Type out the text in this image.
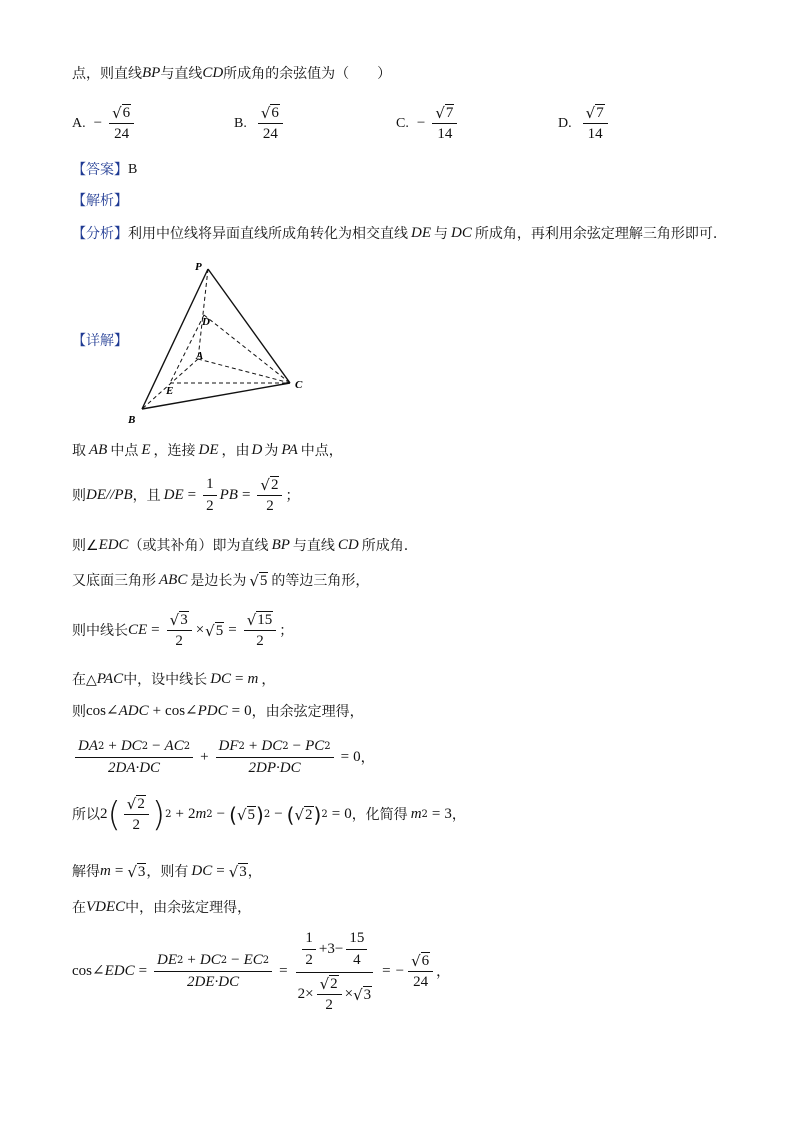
点，则直线 BP 与直线 CD 所成角的余弦值为（　　）
A. − $\frac{√ 6}{24}$	B. $\frac{√ 6}{24}$	C. − $\frac{√ 7}{14}$	D. $\frac{√ 7}{14}$
【答案】 B
【解析】
【分析】 利用中位线将异面直线所成角转化为相交直线 DE 与 DC 所成角，再利用余弦定理解三角形即可.
【详解】
P
D
A
E	C
B
取 AB 中点 E ，连接 DE ，由 D 为 PA 中点，
则 DE//PB ，且 DE = $\frac{1}{2}$ PB = $\frac{√ 2}{2}$ ；
则∠ EDC （或其补角）即为直线 BP 与直线 CD 所成角.
又底面三角形 ABC 是边长为 √ 5 的等边三角形，
则中线长 CE = $\frac{√ 3}{2}$ × √ $5 = \frac{√ 15}{2}$ ；
在△ PAC 中，设中线长 DC = m ，
则 cos∠ ADC + cos∠ PDC = 0 ，由余弦定理得，
$\frac{DA 2 + DC 2 - AC 2}{2DA\cdot DC} + \frac{DF 2 + DC 2 - PC 2}{2DP\cdot DC} = 0$ ，
所以 2 ( $\frac{√ 2}{2}$ ) 2 + 2 m 2 − ( √ 5 ) 2 − ( √ 2 ) 2 = 0 ，化简得 m 2 = 3 ，
解得 m = √ 3 ，则有 DC = √ 3 ，
在 VDEC 中，由余弦定理得，
cos∠ EDC = $\frac{DE 2 + DC 2 - EC 2}{2DE\cdot DC} = \frac{\frac{1}{2} +3- \frac{15}{4}}{2\times \frac{√ 2}{2} \times √ 3}$ = − $\frac{√ 6}{24}$ ，
